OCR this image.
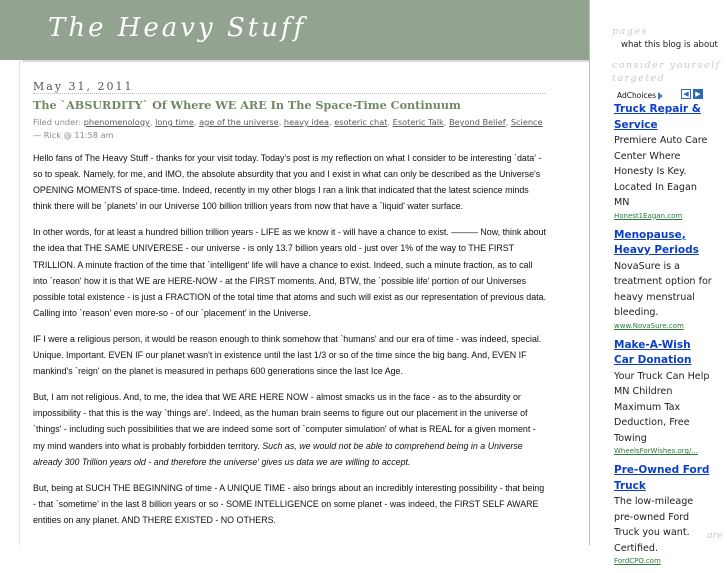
The Heavy Stuff
May 31, 2011
The `ABSURDITY` Of Where WE ARE In The Space-Time Continuum
Filed under: phenomenology, long time, age of the universe, heavy idea, esoteric chat, Esoteric Talk, Beyond Belief, Science — Rick @ 11:58 am

Hello fans of The Heavy Stuff - thanks for your visit today. Today's post is my reflection on what I consider to be interesting `data' - so to speak. Namely, for me, and IMO, the absolute absurdity that you and I exist in what can only be described as the Universe's OPENING MOMENTS of space-time. Indeed, recently in my other blogs I ran a link that indicated that the latest science minds think there will be `planets' in our Universe 100 billion trillion years from now that have a `liquid' water surface.

In other words, for at least a hundred billion trillion years - LIFE as we know it - will have a chance to exist. ——— Now, think about the idea that THE SAME UNIVERESE - our universe - is only 13.7 billion years old - just over 1% of the way to THE FIRST TRILLION. A minute fraction of the time that `intelligent' life will have a chance to exist. Indeed, such a minute fraction, as to call into `reason' how it is that WE are HERE-NOW - at the FIRST moments. And, BTW, the `possible life' portion of our Universes possible total existence - is just a FRACTION of the total time that atoms and such will exist as our representation of previous data. Calling into `reason' even more-so - of our `placement' in the Universe.

IF I were a religious person, it would be reason enough to think somehow that `humans' and our era of time - was indeed, special. Unique. Important. EVEN IF our planet wasn't in existence until the last 1/3 or so of the time since the big bang. And, EVEN IF mankind's `reign' on the planet is measured in perhaps 600 generations since the last Ice Age.

But, I am not religious. And, to me, the idea that WE ARE HERE NOW - almost smacks us in the face - as to the absurdity or impossibility - that this is the way `things are'. Indeed, as the human brain seems to figure out our placement in the universe of `things' - including such possibilities that we are indeed some sort of `computer simulation' of what is REAL for a given moment - my mind wanders into what is probably forbidden territory. Such as, we would not be able to comprehend being in a Universe already 300 Trillion years old - and therefore the universe' gives us data we are willing to accept.

But, being at SUCH THE BEGINNING of time - A UNIQUE TIME - also brings about an incredibly interesting possibility - that being - that `sometime' in the last 8 billion years or so - SOME INTELLIGENCE on some planet - was indeed, the FIRST SELF AWARE entities on any planet. AND THERE EXISTED - NO OTHERS.

pages
what this blog is about
consider yourself
targeted
AdChoices	◀ ▶
Truck Repair & Service
Premiere Auto Care Center Where Honesty Is Key. Located In Eagan MN
Honest1Eagan.com
Menopause, Heavy Periods
NovaSure is a treatment option for heavy menstrual bleeding.
www.NovaSure.com
Make-A-Wish Car Donation
Your Truck Can Help MN Children Maximum Tax Deduction, Free Towing
WheelsForWishes.org/...
Pre-Owned Ford Truck
The low-mileage pre-owned Ford Truck you want. Certified.
FordCPO.com
are
